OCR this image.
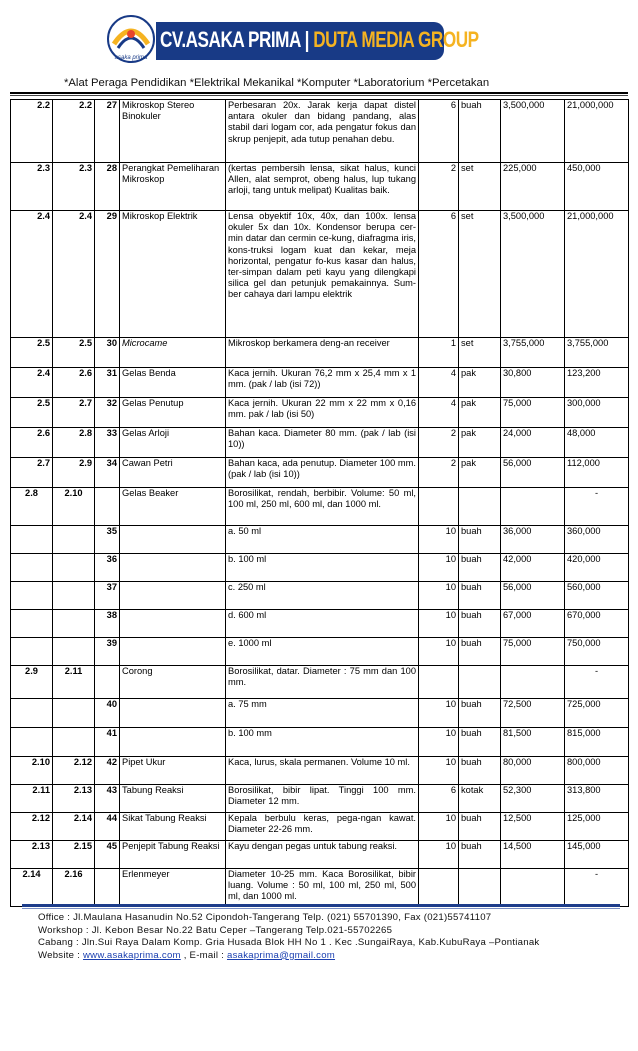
asaka prima
CV.ASAKA PRIMA | DUTA MEDIA GROUP
*Alat Peraga Pendidikan *Elektrikal Mekanikal *Komputer *Laboratorium *Percetakan
2.2	2.2	27	Mikroskop Stereo Binokuler	Perbesaran 20x. Jarak kerja dapat distel antara okuler dan bidang pandang, alas stabil dari logam cor, ada pengatur fokus dan skrup penjepit, ada tutup penahan debu.	6	buah	3,500,000	21,000,000
2.3	2.3	28	Perangkat Pemeliharan Mikroskop	(kertas pembersih lensa, sikat halus, kunci Allen, alat semprot, obeng halus, lup tukang arloji, tang untuk melipat) Kualitas baik.	2	set	225,000	450,000
2.4	2.4	29	Mikroskop Elektrik	Lensa obyektif 10x, 40x, dan 100x. lensa okuler 5x dan 10x. Kondensor berupa cer-min datar dan cermin ce-kung, diafragma iris, kons-truksi logam kuat dan kekar, meja horizontal, pengatur fo-kus kasar dan halus, ter-simpan dalam peti kayu yang dilengkapi silica gel dan petunjuk pemakainnya. Sum-ber cahaya dari lampu elektrik	6	set	3,500,000	21,000,000
2.5	2.5	30	Microcame	Mikroskop berkamera deng-an receiver	1	set	3,755,000	3,755,000
2.4	2.6	31	Gelas Benda	Kaca jernih. Ukuran 76,2 mm x 25,4 mm x 1 mm. (pak / lab (isi 72))	4	pak	30,800	123,200
2.5	2.7	32	Gelas Penutup	Kaca jernih. Ukuran 22 mm x 22 mm x 0,16 mm. pak / lab (isi 50)	4	pak	75,000	300,000
2.6	2.8	33	Gelas Arloji	Bahan kaca. Diameter 80 mm. (pak / lab (isi 10))	2	pak	24,000	48,000
2.7	2.9	34	Cawan Petri	Bahan kaca, ada penutup. Diameter 100 mm. (pak / lab (isi 10))	2	pak	56,000	112,000
2.8	2.10		Gelas Beaker	Borosilikat, rendah, berbibir. Volume: 50 ml, 100 ml, 250 ml, 600 ml, dan 1000 ml.				-
		35		a. 50 ml	10	buah	36,000	360,000
		36		b. 100 ml	10	buah	42,000	420,000
		37		c. 250 ml	10	buah	56,000	560,000
		38		d. 600 ml	10	buah	67,000	670,000
		39		e. 1000 ml	10	buah	75,000	750,000
2.9	2.11		Corong	Borosilikat, datar. Diameter : 75 mm dan 100 mm.				-
		40		a. 75 mm	10	buah	72,500	725,000
		41		b. 100 mm	10	buah	81,500	815,000
2.10	2.12	42	Pipet Ukur	Kaca, lurus, skala permanen. Volume 10 ml.	10	buah	80,000	800,000
2.11	2.13	43	Tabung Reaksi	Borosilikat, bibir lipat. Tinggi 100 mm. Diameter 12 mm.	6	kotak	52,300	313,800
2.12	2.14	44	Sikat Tabung Reaksi	Kepala berbulu keras, pega-ngan kawat. Diameter 22-26 mm.	10	buah	12,500	125,000
2.13	2.15	45	Penjepit Tabung Reaksi	Kayu dengan pegas untuk tabung reaksi.	10	buah	14,500	145,000
2.14	2.16		Erlenmeyer	Diameter 10-25 mm. Kaca Borosilikat, bibir luang. Volume : 50 ml, 100 ml, 250 ml, 500 ml, dan 1000 ml.				-
Office : Jl.Maulana Hasanudin No.52 Cipondoh-Tangerang Telp. (021) 55701390, Fax (021)55741107
Workshop : Jl. Kebon Besar No.22 Batu Ceper –Tangerang Telp.021-55702265
Cabang : Jln.Sui Raya Dalam Komp. Gria Husada Blok HH No 1 . Kec .SungaiRaya, Kab.KubuRaya –Pontianak
Website : www.asakaprima.com , E-mail : asakaprima@gmail.com
